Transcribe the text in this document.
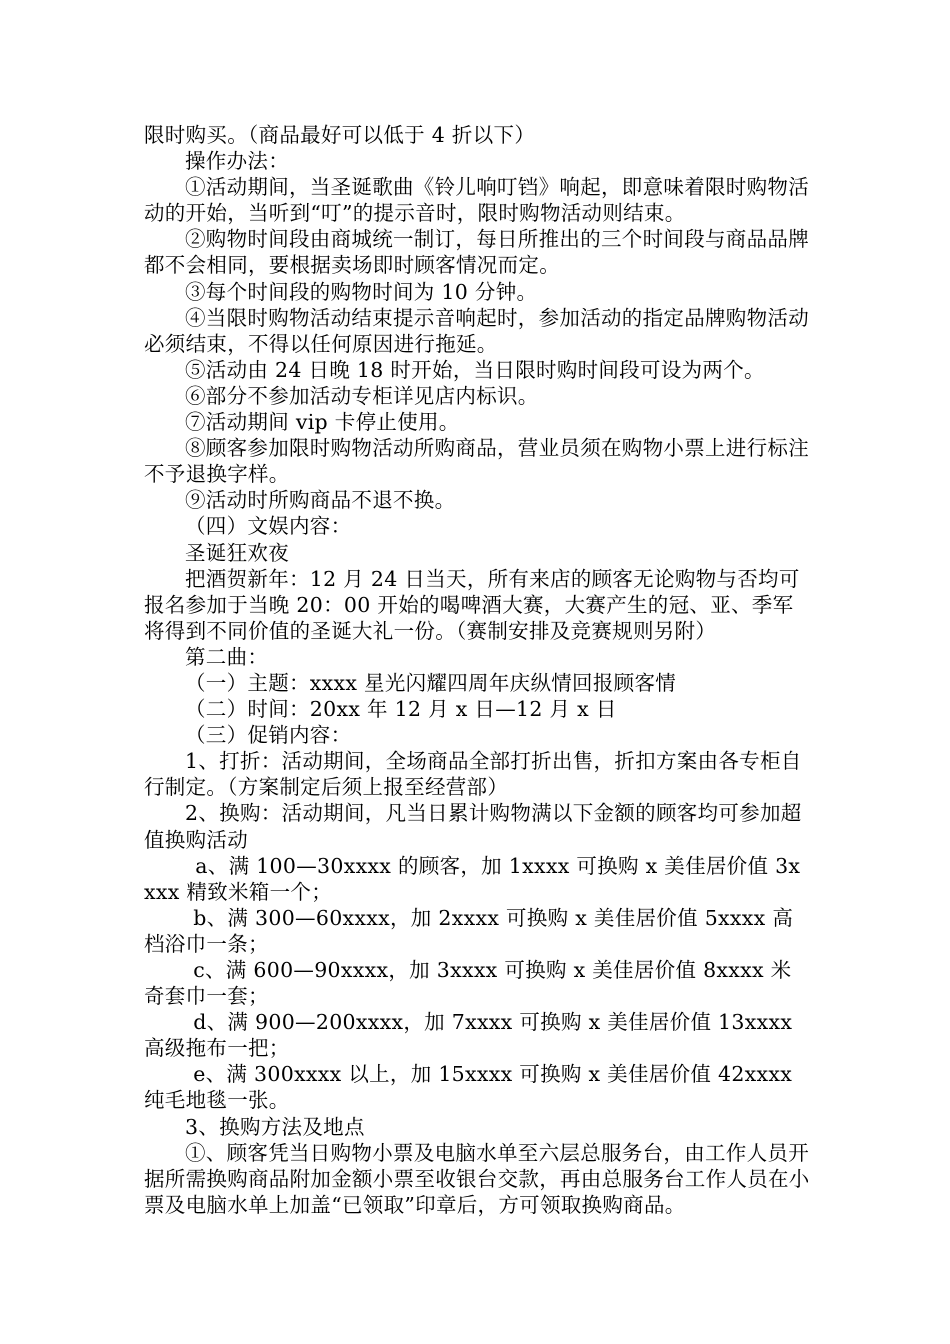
限时购买。（商品最好可以低于 4 折以下）

操作办法：

①活动期间，当圣诞歌曲《铃儿响叮铛》响起，即意味着限时购物活动的开始，当听到“叮”的提示音时，限时购物活动则结束。

②购物时间段由商城统一制订，每日所推出的三个时间段与商品品牌都不会相同，要根据卖场即时顾客情况而定。

③每个时间段的购物时间为 10 分钟。

④当限时购物活动结束提示音响起时，参加活动的指定品牌购物活动必须结束，不得以任何原因进行拖延。

⑤活动由 24 日晚 18 时开始，当日限时购时间段可设为两个。

⑥部分不参加活动专柜详见店内标识。

⑦活动期间 vip 卡停止使用。

⑧顾客参加限时购物活动所购商品，营业员须在购物小票上进行标注不予退换字样。

⑨活动时所购商品不退不换。

（四）文娱内容：

圣诞狂欢夜

把酒贺新年：12 月 24 日当天，所有来店的顾客无论购物与否均可报名参加于当晚 20：00 开始的喝啤酒大赛，大赛产生的冠、亚、季军将得到不同价值的圣诞大礼一份。（赛制安排及竞赛规则另附）

第二曲：

（一）主题：xxxx 星光闪耀四周年庆纵情回报顾客情

（二）时间：20xx 年 12 月 x 日—12 月 x 日

（三）促销内容：

1、打折：活动期间，全场商品全部打折出售，折扣方案由各专柜自行制定。（方案制定后须上报至经营部）

2、换购：活动期间，凡当日累计购物满以下金额的顾客均可参加超值换购活动

a、满 100—30xxxx 的顾客，加 1xxxx 可换购 x 美佳居价值 3xxxx 精致米箱一个；

b、满 300—60xxxx，加 2xxxx 可换购 x 美佳居价值 5xxxx 高档浴巾一条；

c、满 600—90xxxx，加 3xxxx 可换购 x 美佳居价值 8xxxx 米奇套巾一套；

d、满 900—200xxxx，加 7xxxx 可换购 x 美佳居价值 13xxxx 高级拖布一把；

e、满 300xxxx 以上，加 15xxxx 可换购 x 美佳居价值 42xxxx 纯毛地毯一张。

3、换购方法及地点

①、顾客凭当日购物小票及电脑水单至六层总服务台，由工作人员开据所需换购商品附加金额小票至收银台交款，再由总服务台工作人员在小票及电脑水单上加盖“已领取”印章后，方可领取换购商品。
